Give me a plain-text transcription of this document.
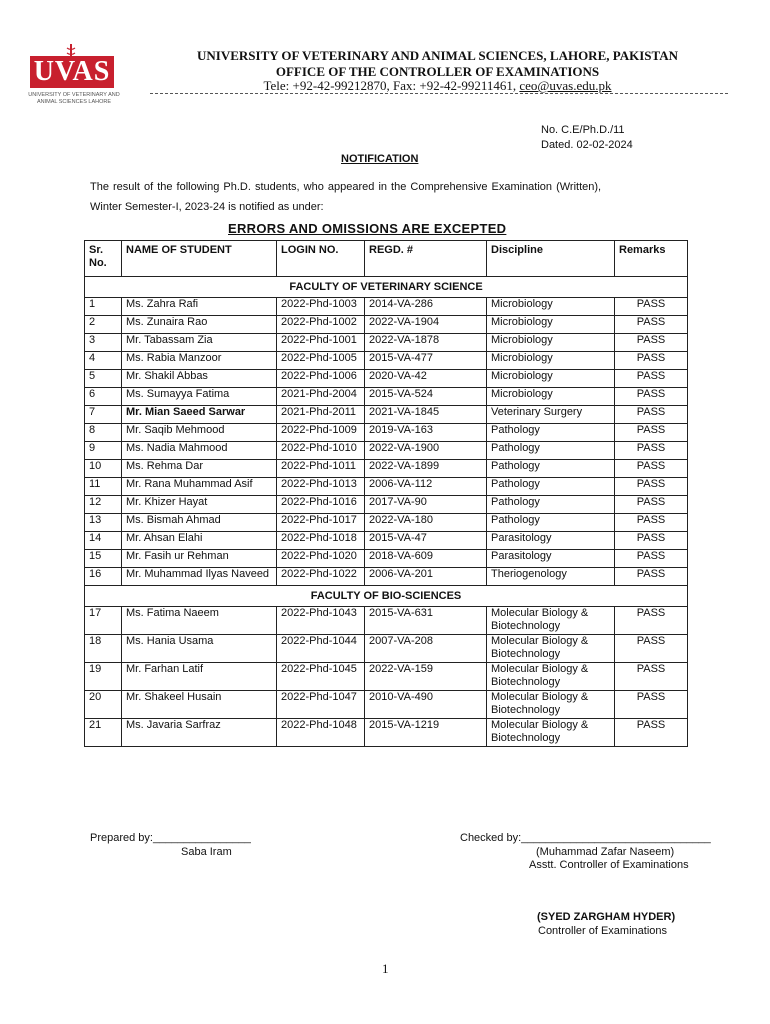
UVAS
UNIVERSITY OF VETERINARY AND
ANIMAL SCIENCES LAHORE
UNIVERSITY OF VETERINARY AND ANIMAL SCIENCES, LAHORE, PAKISTAN
OFFICE OF THE CONTROLLER OF EXAMINATIONS
Tele: +92-42-99212870, Fax: +92-42-99211461, ceo@uvas.edu.pk
No. C.E/Ph.D./11
Dated. 02-02-2024
NOTIFICATION
The result of the following Ph.D. students, who appeared in the Comprehensive Examination (Written),
Winter Semester-I, 2023-24 is notified as under:
ERRORS AND OMISSIONS ARE EXCEPTED
Sr. No.	NAME OF STUDENT	LOGIN NO.	REGD. #	Discipline	Remarks
FACULTY OF VETERINARY SCIENCE					
1	Ms. Zahra Rafi	2022-Phd-1003	2014-VA-286	Microbiology	PASS
2	Ms. Zunaira Rao	2022-Phd-1002	2022-VA-1904	Microbiology	PASS
3	Mr. Tabassam Zia	2022-Phd-1001	2022-VA-1878	Microbiology	PASS
4	Ms. Rabia Manzoor	2022-Phd-1005	2015-VA-477	Microbiology	PASS
5	Mr. Shakil Abbas	2022-Phd-1006	2020-VA-42	Microbiology	PASS
6	Ms. Sumayya Fatima	2021-Phd-2004	2015-VA-524	Microbiology	PASS
7	Mr. Mian Saeed Sarwar	2021-Phd-2011	2021-VA-1845	Veterinary Surgery	PASS
8	Mr. Saqib Mehmood	2022-Phd-1009	2019-VA-163	Pathology	PASS
9	Ms. Nadia Mahmood	2022-Phd-1010	2022-VA-1900	Pathology	PASS
10	Ms. Rehma Dar	2022-Phd-1011	2022-VA-1899	Pathology	PASS
11	Mr. Rana Muhammad Asif	2022-Phd-1013	2006-VA-112	Pathology	PASS
12	Mr. Khizer Hayat	2022-Phd-1016	2017-VA-90	Pathology	PASS
13	Ms. Bismah Ahmad	2022-Phd-1017	2022-VA-180	Pathology	PASS
14	Mr. Ahsan Elahi	2022-Phd-1018	2015-VA-47	Parasitology	PASS
15	Mr. Fasih ur Rehman	2022-Phd-1020	2018-VA-609	Parasitology	PASS
16	Mr. Muhammad Ilyas Naveed	2022-Phd-1022	2006-VA-201	Theriogenology	PASS
FACULTY OF BIO-SCIENCES					
17	Ms. Fatima Naeem	2022-Phd-1043	2015-VA-631	Molecular Biology & Biotechnology	PASS
18	Ms. Hania Usama	2022-Phd-1044	2007-VA-208	Molecular Biology & Biotechnology	PASS
19	Mr. Farhan Latif	2022-Phd-1045	2022-VA-159	Molecular Biology & Biotechnology	PASS
20	Mr. Shakeel Husain	2022-Phd-1047	2010-VA-490	Molecular Biology & Biotechnology	PASS
21	Ms. Javaria Sarfraz	2022-Phd-1048	2015-VA-1219	Molecular Biology & Biotechnology	PASS
Prepared by:________________
Saba Iram
Checked by:_______________________________
(Muhammad Zafar Naseem)
Asstt. Controller of Examinations
(SYED ZARGHAM HYDER)
Controller of Examinations
1
